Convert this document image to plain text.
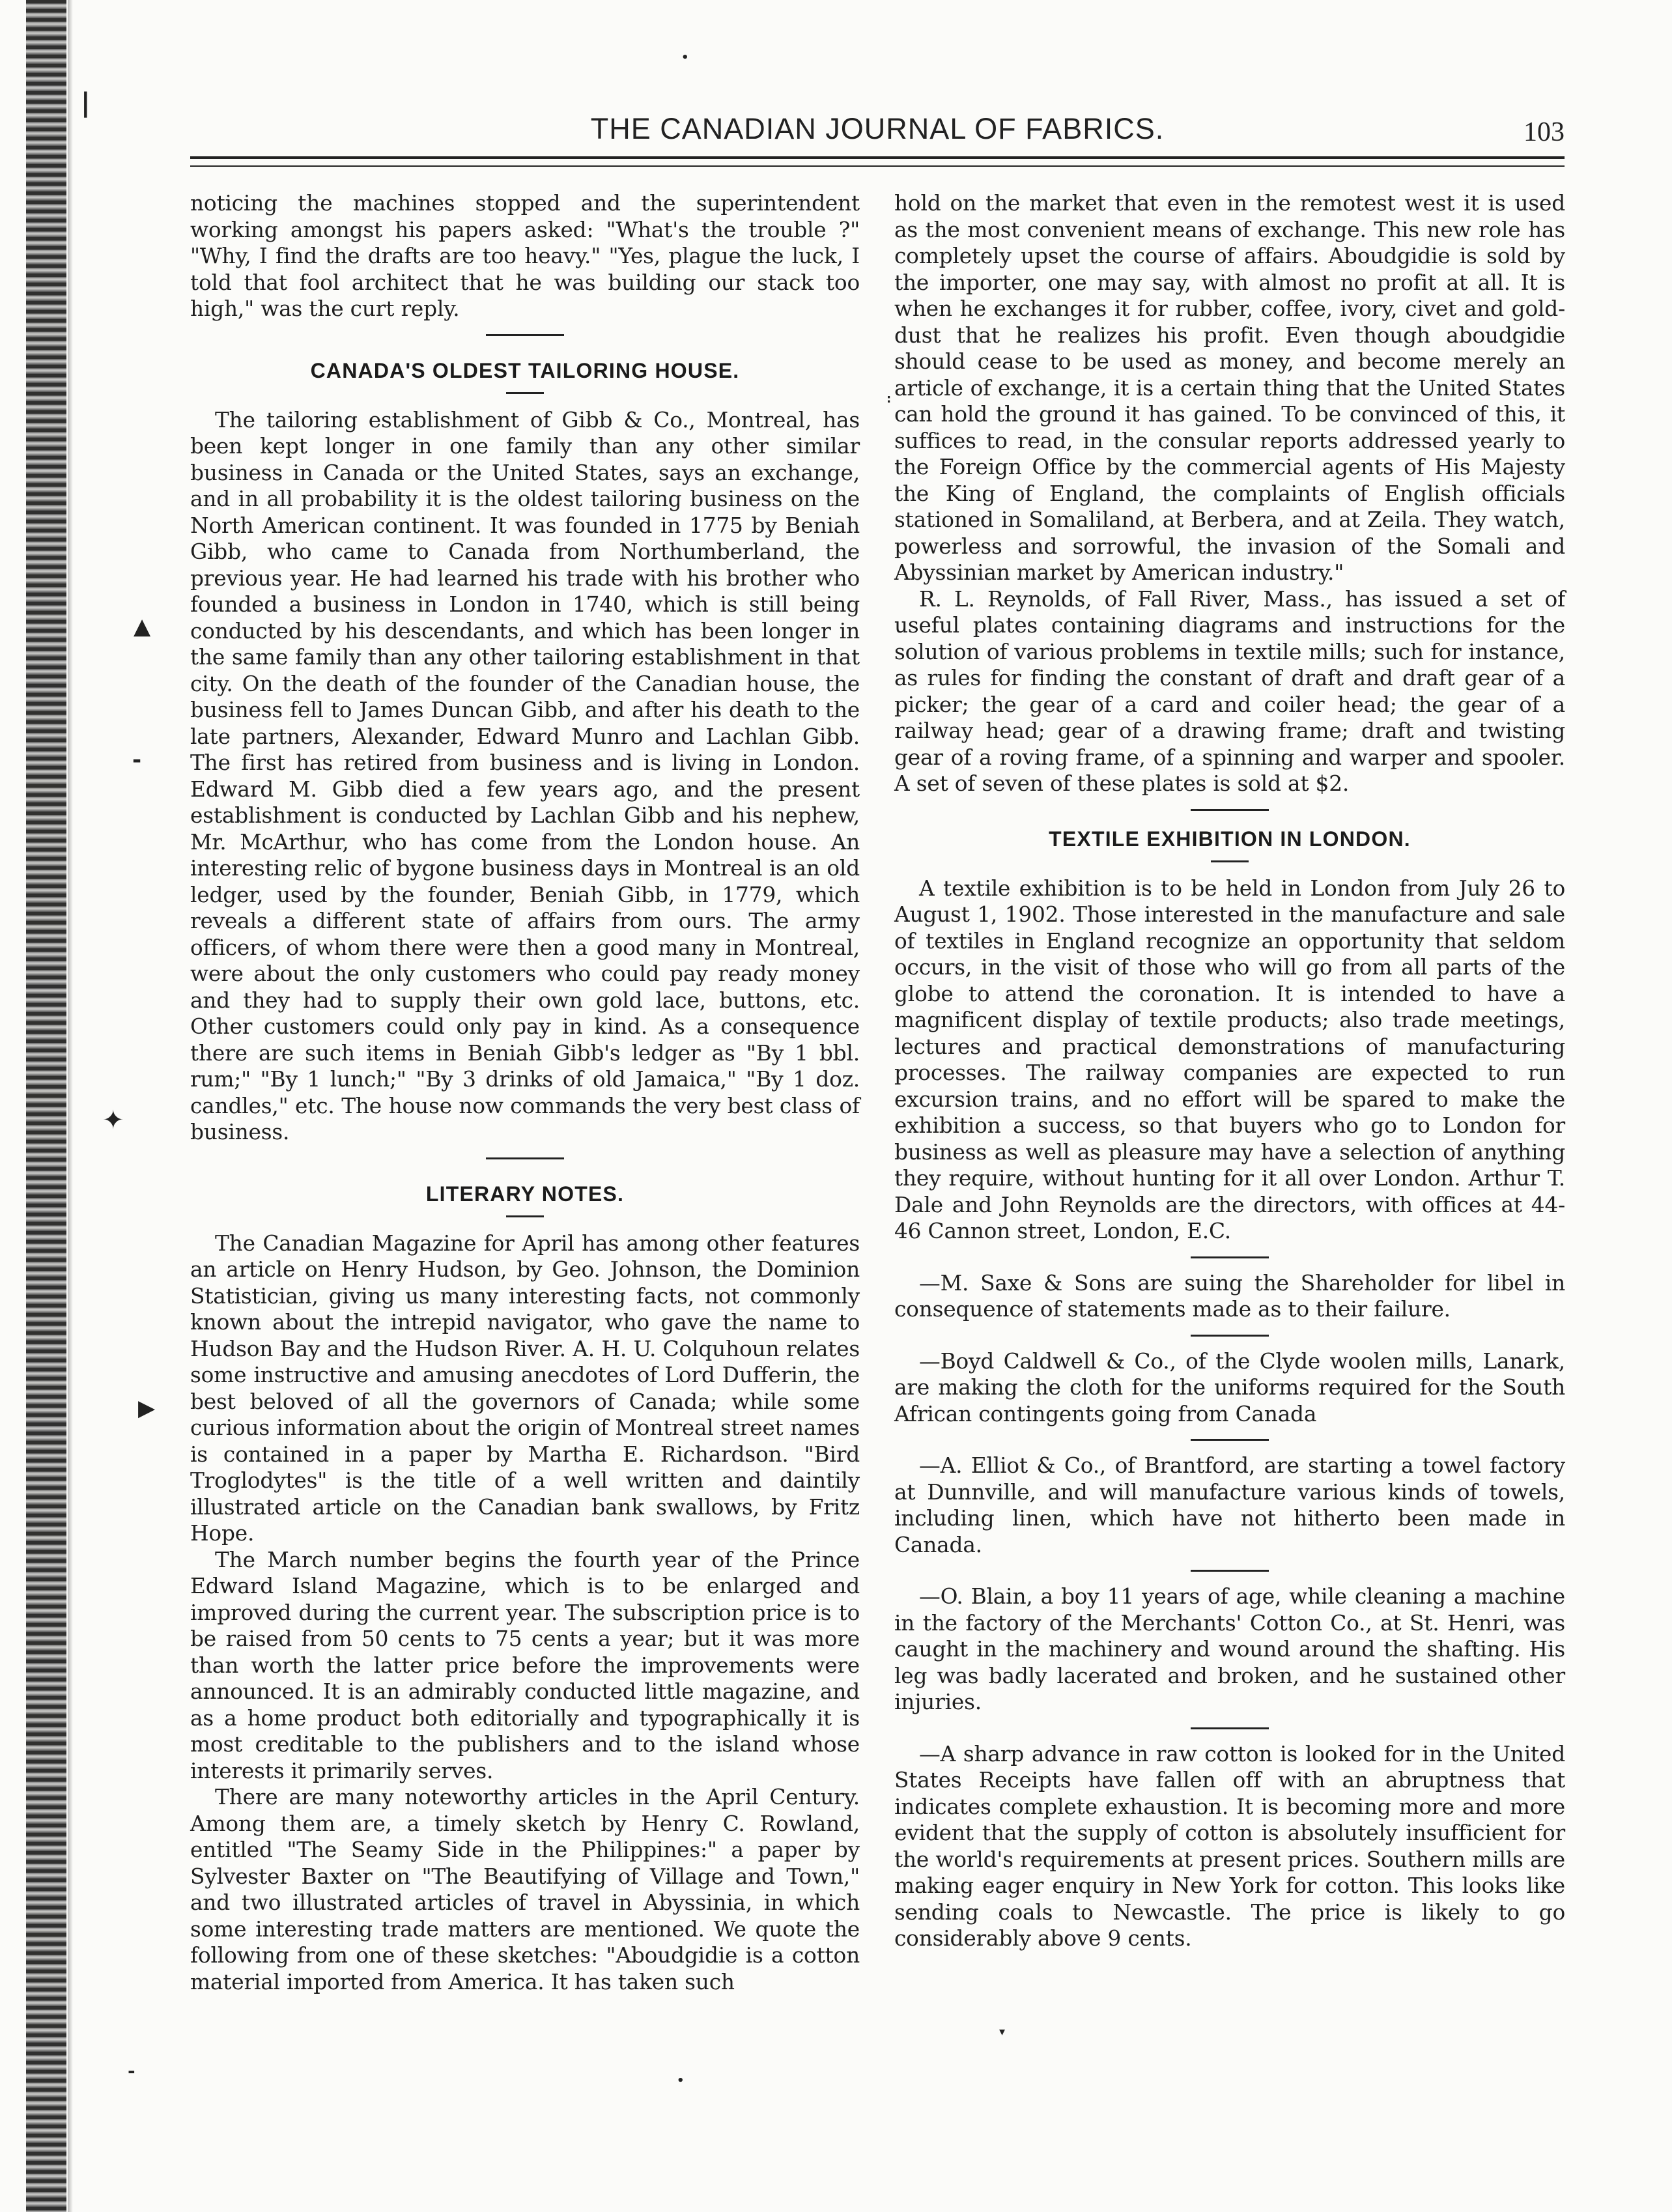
|
▲
-
✦
▶
-
•
•
▾
:
THE CANADIAN JOURNAL OF FABRICS.	103

noticing the machines stopped and the superintendent working amongst his papers asked: "What's the trouble ?" "Why, I find the drafts are too heavy." "Yes, plague the luck, I told that fool architect that he was building our stack too high," was the curt reply.

CANADA'S OLDEST TAILORING HOUSE.

The tailoring establishment of Gibb & Co., Montreal, has been kept longer in one family than any other similar business in Canada or the United States, says an exchange, and in all probability it is the oldest tailoring business on the North American continent. It was founded in 1775 by Beniah Gibb, who came to Canada from Northumberland, the previous year. He had learned his trade with his brother who founded a business in London in 1740, which is still being conducted by his descendants, and which has been longer in the same family than any other tailoring establishment in that city. On the death of the founder of the Canadian house, the business fell to James Duncan Gibb, and after his death to the late partners, Alexander, Edward Munro and Lachlan Gibb. The first has retired from business and is living in London. Edward M. Gibb died a few years ago, and the present establishment is conducted by Lachlan Gibb and his nephew, Mr. McArthur, who has come from the London house. An interesting relic of bygone business days in Montreal is an old ledger, used by the founder, Beniah Gibb, in 1779, which reveals a different state of affairs from ours. The army officers, of whom there were then a good many in Montreal, were about the only customers who could pay ready money and they had to supply their own gold lace, buttons, etc. Other customers could only pay in kind. As a consequence there are such items in Beniah Gibb's ledger as "By 1 bbl. rum;" "By 1 lunch;" "By 3 drinks of old Jamaica," "By 1 doz. candles," etc. The house now commands the very best class of business.

LITERARY NOTES.

The Canadian Magazine for April has among other features an article on Henry Hudson, by Geo. Johnson, the Dominion Statistician, giving us many interesting facts, not commonly known about the intrepid navigator, who gave the name to Hudson Bay and the Hudson River. A. H. U. Colquhoun relates some instructive and amusing anecdotes of Lord Dufferin, the best beloved of all the governors of Canada; while some curious information about the origin of Montreal street names is contained in a paper by Martha E. Richardson. "Bird Troglodytes" is the title of a well written and daintily illustrated article on the Canadian bank swallows, by Fritz Hope.

The March number begins the fourth year of the Prince Edward Island Magazine, which is to be enlarged and improved during the current year. The subscription price is to be raised from 50 cents to 75 cents a year; but it was more than worth the latter price before the improvements were announced. It is an admirably conducted little magazine, and as a home product both editorially and typographically it is most creditable to the publishers and to the island whose interests it primarily serves.

There are many noteworthy articles in the April Century. Among them are, a timely sketch by Henry C. Rowland, entitled "The Seamy Side in the Philippines:" a paper by Sylvester Baxter on "The Beautifying of Village and Town," and two illustrated articles of travel in Abyssinia, in which some interesting trade matters are mentioned. We quote the following from one of these sketches: "Aboudgidie is a cotton material imported from America. It has taken such

hold on the market that even in the remotest west it is used as the most convenient means of exchange. This new role has completely upset the course of affairs. Aboudgidie is sold by the importer, one may say, with almost no profit at all. It is when he exchanges it for rubber, coffee, ivory, civet and gold-dust that he realizes his profit. Even though aboudgidie should cease to be used as money, and become merely an article of exchange, it is a certain thing that the United States can hold the ground it has gained. To be convinced of this, it suffices to read, in the consular reports addressed yearly to the Foreign Office by the commercial agents of His Majesty the King of England, the complaints of English officials stationed in Somaliland, at Berbera, and at Zeila. They watch, powerless and sorrowful, the invasion of the Somali and Abyssinian market by American industry."

R. L. Reynolds, of Fall River, Mass., has issued a set of useful plates containing diagrams and instructions for the solution of various problems in textile mills; such for instance, as rules for finding the constant of draft and draft gear of a picker; the gear of a card and coiler head; the gear of a railway head; gear of a drawing frame; draft and twisting gear of a roving frame, of a spinning and warper and spooler. A set of seven of these plates is sold at $2.

TEXTILE EXHIBITION IN LONDON.

A textile exhibition is to be held in London from July 26 to August 1, 1902. Those interested in the manufacture and sale of textiles in England recognize an opportunity that seldom occurs, in the visit of those who will go from all parts of the globe to attend the coronation. It is intended to have a magnificent display of textile products; also trade meetings, lectures and practical demonstrations of manufacturing processes. The railway companies are expected to run excursion trains, and no effort will be spared to make the exhibition a success, so that buyers who go to London for business as well as pleasure may have a selection of anything they require, without hunting for it all over London. Arthur T. Dale and John Reynolds are the directors, with offices at 44-46 Cannon street, London, E.C.

—M. Saxe & Sons are suing the Shareholder for libel in consequence of statements made as to their failure.

—Boyd Caldwell & Co., of the Clyde woolen mills, Lanark, are making the cloth for the uniforms required for the South African contingents going from Canada

—A. Elliot & Co., of Brantford, are starting a towel factory at Dunnville, and will manufacture various kinds of towels, including linen, which have not hitherto been made in Canada.

—O. Blain, a boy 11 years of age, while cleaning a machine in the factory of the Merchants' Cotton Co., at St. Henri, was caught in the machinery and wound around the shafting. His leg was badly lacerated and broken, and he sustained other injuries.

—A sharp advance in raw cotton is looked for in the United States Receipts have fallen off with an abruptness that indicates complete exhaustion. It is becoming more and more evident that the supply of cotton is absolutely insufficient for the world's requirements at present prices. Southern mills are making eager enquiry in New York for cotton. This looks like sending coals to Newcastle. The price is likely to go considerably above 9 cents.
